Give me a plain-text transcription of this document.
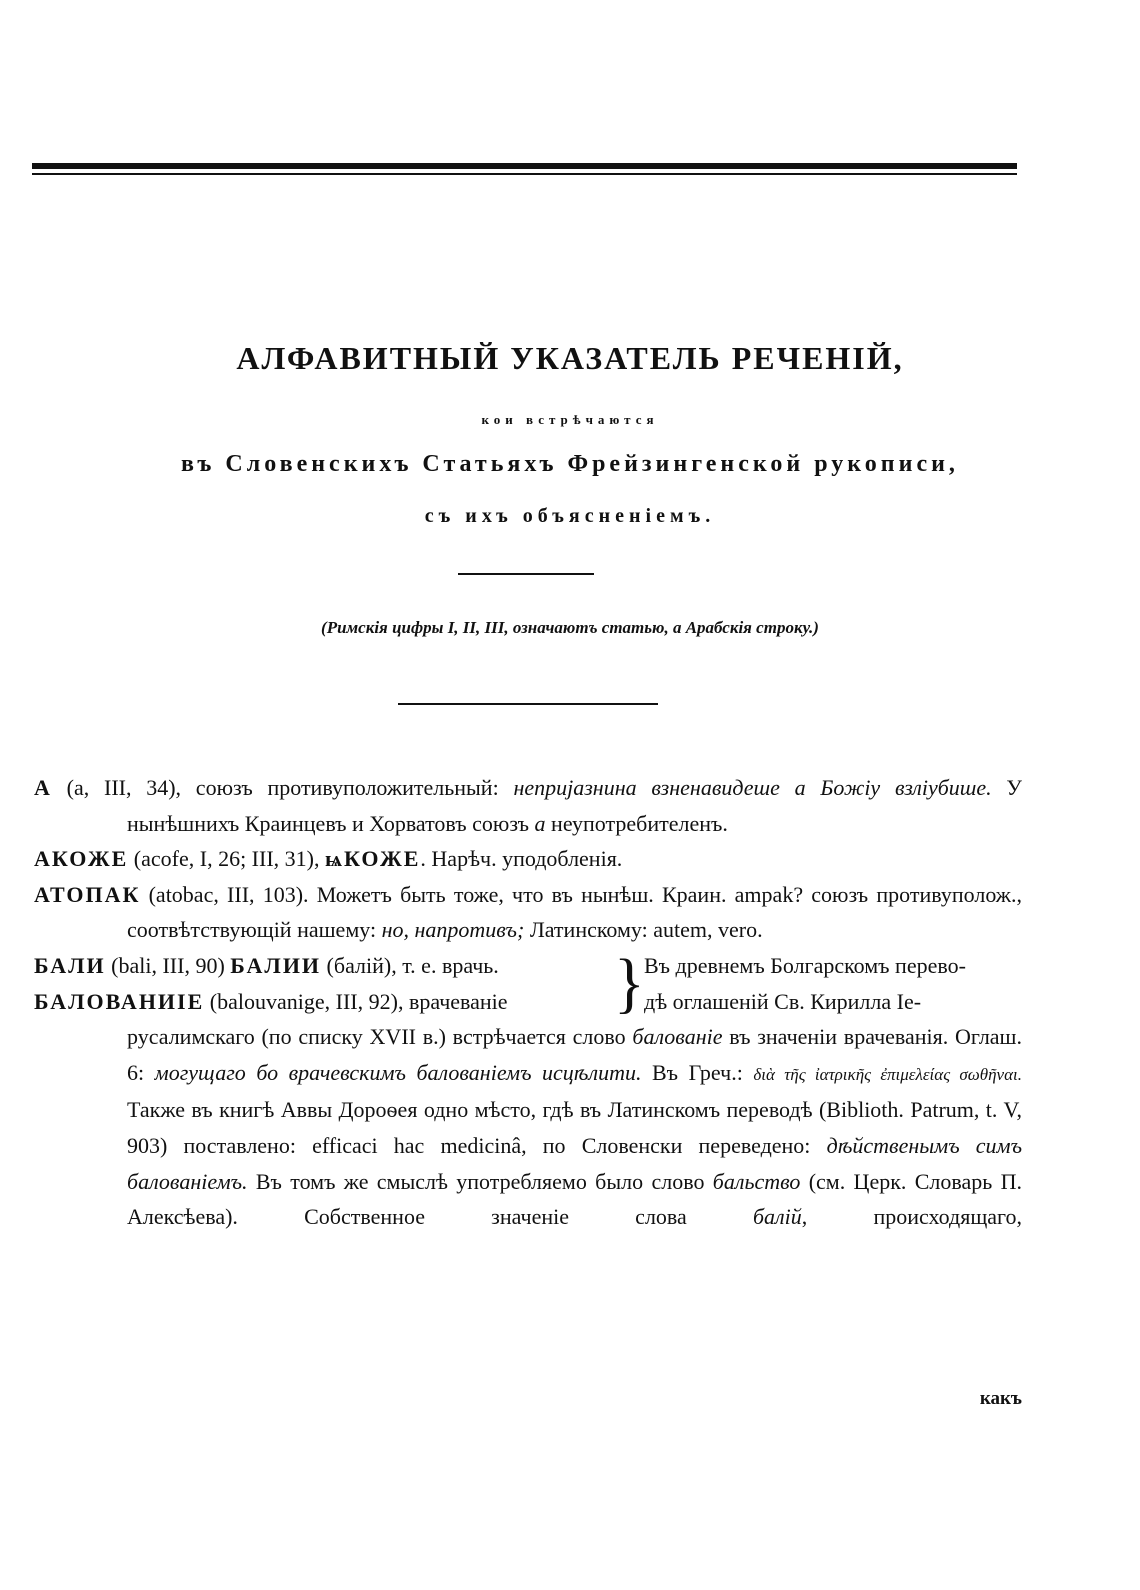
АЛФАВИТНЫЙ УКАЗАТЕЛЬ РЕЧЕНІЙ,
кои встрѣчаются
въ Словенскихъ Статьяхъ Фрейзингенской рукописи,
съ ихъ объясненіемъ.
(Римскія цифры I, II, III, означаютъ статью, а Арабскія строку.)
А (a, III, 34), союзъ противуположительный: неприjазнина взненавидеше а Божiу взлiубише. У нынѣшнихъ Краинцевъ и Хорватовъ союзъ а неупотребителенъ.
АКОЖЕ (acofe, I, 26; III, 31), ѩКОЖЕ. Нарѣч. уподобленія.
АТОПАК (atobac, III, 103). Можетъ быть тоже, что въ нынѣш. Краин. ampak? союзъ противуполож., соотвѣтствующій нашему: но, напротивъ; Латинскому: autem, vero.
БАЛИ (bali, III, 90) БАЛИИ (балій), т. е. врачь.
БАЛОВАНИІЕ (balouvanige, III, 92), врачеваніе	} Въ древнемъ Болгарскомъ перево-
дѣ оглашеній Св. Кирилла Іе-
русалимскаго (по списку XVII в.) встрѣчается слово балованіе въ значеніи врачеванія. Оглаш. 6: могущаго бо врачевскимъ балованіемъ исцѣлити. Въ Греч.: διὰ τῆς ἰατρικῆς ἐπιμελείας σωθῆναι. Также въ книгѣ Аввы Дороѳея одно мѣсто, гдѣ въ Латинскомъ переводѣ (Biblioth. Patrum, t. V, 903) поставлено: efficaci hac medicinâ, по Словенски переведено: дѣйственымъ симъ балованіемъ. Въ томъ же смыслѣ употребляемо было слово бальство (см. Церк. Словарь П. Алексѣева). Собственное значеніе слова балій, происходящаго,
какъ
